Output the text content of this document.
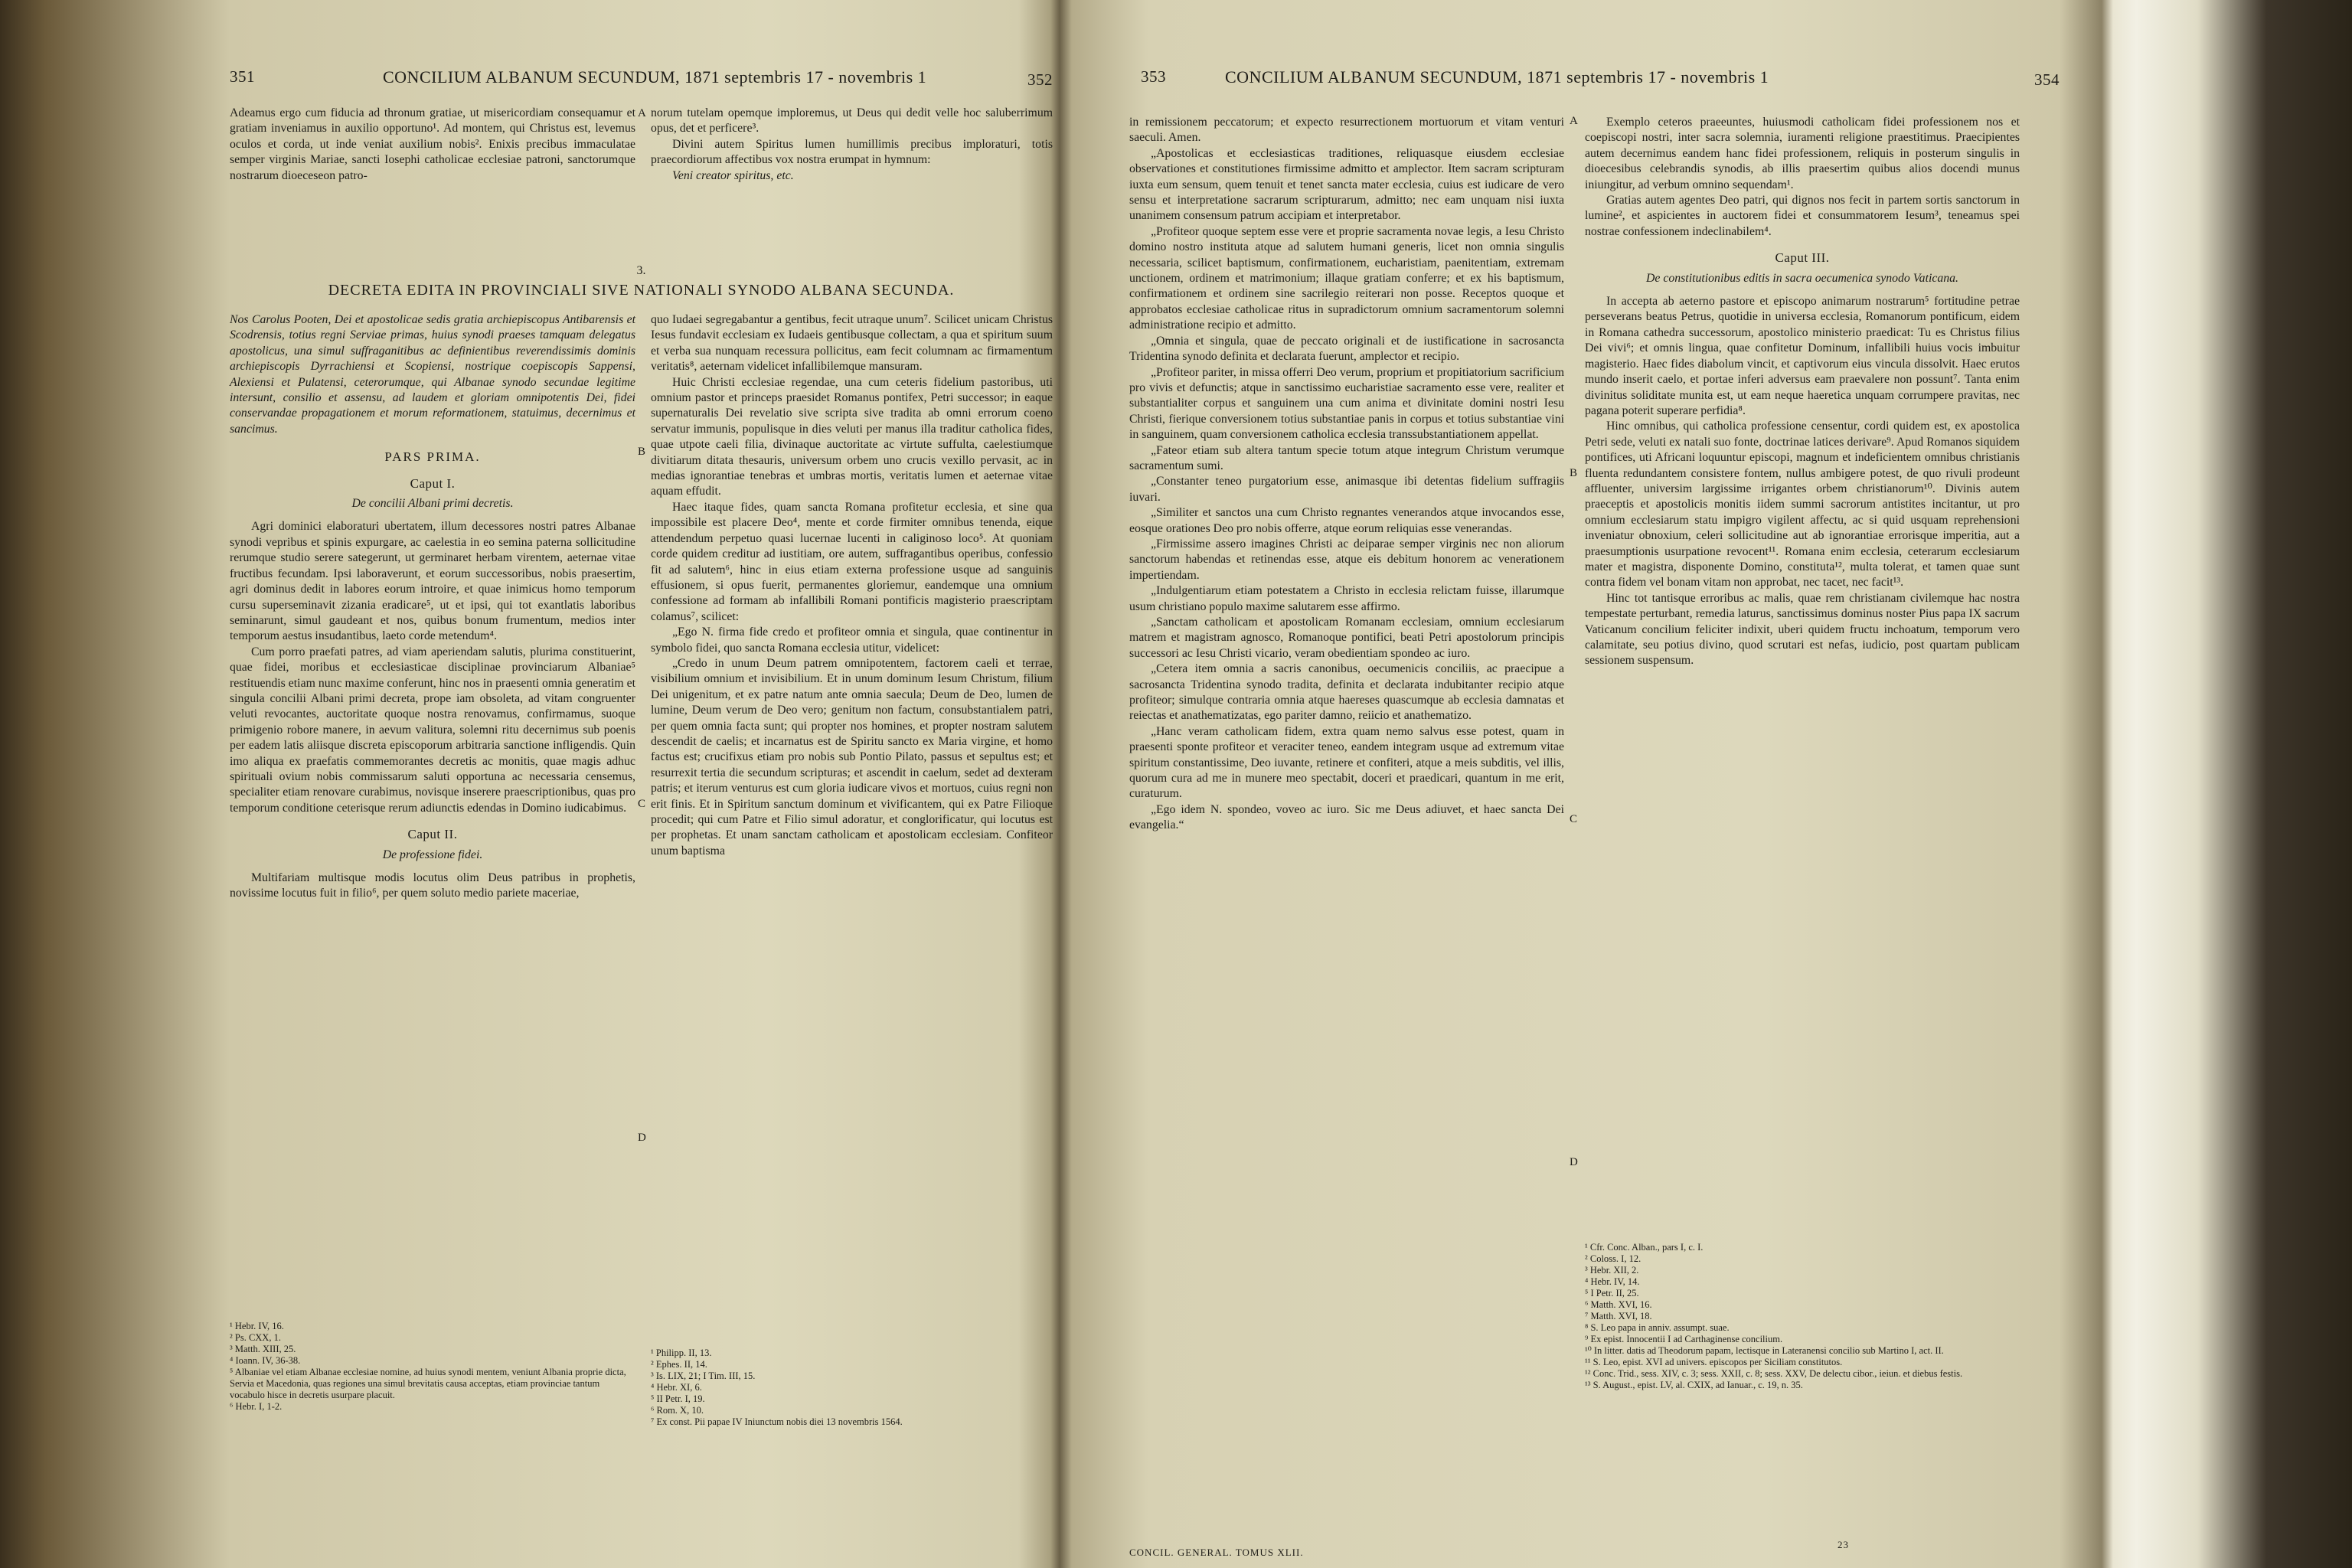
351	CONCILIUM ALBANUM SECUNDUM, 1871 septembris 17 - novembris 1	352

Adeamus ergo cum fiducia ad thronum gratiae, ut misericordiam consequamur et gratiam inveniamus in auxilio opportuno¹. Ad montem, qui Christus est, levemus oculos et corda, ut inde veniat auxilium nobis². Enixis precibus immaculatae semper virginis Mariae, sancti Iosephi catholicae ecclesiae patroni, sanctorumque nostrarum dioeceseon patro-

norum tutelam opemque imploremus, ut Deus qui dedit velle hoc saluberrimum opus, det et perficere³.

Divini autem Spiritus lumen humillimis precibus imploraturi, totis praecordiorum affectibus vox nostra erumpat in hymnum:

Veni creator spiritus, etc.

3.
DECRETA EDITA IN PROVINCIALI SIVE NATIONALI SYNODO ALBANA SECUNDA.

Nos Carolus Pooten, Dei et apostolicae sedis gratia archiepiscopus Antibarensis et Scodrensis, totius regni Serviae primas, huius synodi praeses tamquam delegatus apostolicus, una simul suffraganitibus ac definientibus reverendissimis dominis archiepiscopis Dyrrachiensi et Scopiensi, nostrique coepiscopis Sappensi, Alexiensi et Pulatensi, ceterorumque, qui Albanae synodo secundae legitime intersunt, consilio et assensu, ad laudem et gloriam omnipotentis Dei, fidei conservandae propagationem et morum reformationem, statuimus, decernimus et sancimus.

PARS PRIMA.
Caput I.
De concilii Albani primi decretis.

Agri dominici elaboraturi ubertatem, illum decessores nostri patres Albanae synodi vepribus et spinis expurgare, ac caelestia in eo semina paterna sollicitudine rerumque studio serere sategerunt, ut germinaret herbam virentem, aeternae vitae fructibus fecundam. Ipsi laboraverunt, et eorum successoribus, nobis praesertim, agri dominus dedit in labores eorum introire, et quae inimicus homo temporum cursu superseminavit zizania eradicare⁵, ut et ipsi, qui tot exantlatis laboribus seminarunt, simul gaudeant et nos, quibus bonum frumentum, medios inter temporum aestus insudantibus, laeto corde metendum⁴.

Cum porro praefati patres, ad viam aperiendam salutis, plurima constituerint, quae fidei, moribus et ecclesiasticae disciplinae provinciarum Albaniae⁵ restituendis etiam nunc maxime conferunt, hinc nos in praesenti omnia generatim et singula concilii Albani primi decreta, prope iam obsoleta, ad vitam congruenter veluti revocantes, auctoritate quoque nostra renovamus, confirmamus, suoque primigenio robore manere, in aevum valitura, solemni ritu decernimus sub poenis per eadem latis aliisque discreta episcoporum arbitraria sanctione infligendis. Quin imo aliqua ex praefatis commemorantes decretis ac monitis, quae magis adhuc spirituali ovium nobis commissarum saluti opportuna ac necessaria censemus, specialiter etiam renovare curabimus, novisque inserere praescriptionibus, quas pro temporum conditione ceterisque rerum adiunctis edendas in Domino iudicabimus.

Caput II.
De professione fidei.

Multifariam multisque modis locutus olim Deus patribus in prophetis, novissime locutus fuit in filio⁶, per quem soluto medio pariete maceriae,

quo Iudaei segregabantur a gentibus, fecit utraque unum⁷. Scilicet unicam Christus Iesus fundavit ecclesiam ex Iudaeis gentibusque collectam, a qua et spiritum suum et verba sua nunquam recessura pollicitus, eam fecit columnam ac firmamentum veritatis⁸, aeternam videlicet infallibilemque mansuram.

Huic Christi ecclesiae regendae, una cum ceteris fidelium pastoribus, uti omnium pastor et princeps praesidet Romanus pontifex, Petri successor; in eaque supernaturalis Dei revelatio sive scripta sive tradita ab omni errorum coeno servatur immunis, populisque in dies veluti per manus illa traditur catholica fides, quae utpote caeli filia, divinaque auctoritate ac virtute suffulta, caelestiumque divitiarum ditata thesauris, universum orbem uno crucis vexillo pervasit, ac in medias ignorantiae tenebras et umbras mortis, veritatis lumen et aeternae vitae aquam effudit.

Haec itaque fides, quam sancta Romana profitetur ecclesia, et sine qua impossibile est placere Deo⁴, mente et corde firmiter omnibus tenenda, eique attendendum perpetuo quasi lucernae lucenti in caliginoso loco⁵. At quoniam corde quidem creditur ad iustitiam, ore autem, suffragantibus operibus, confessio fit ad salutem⁶, hinc in eius etiam externa professione usque ad sanguinis effusionem, si opus fuerit, permanentes gloriemur, eandemque una omnium confessione ad formam ab infallibili Romani pontificis magisterio praescriptam colamus⁷, scilicet:

„Ego N. firma fide credo et profiteor omnia et singula, quae continentur in symbolo fidei, quo sancta Romana ecclesia utitur, videlicet:

„Credo in unum Deum patrem omnipotentem, factorem caeli et terrae, visibilium omnium et invisibilium. Et in unum dominum Iesum Christum, filium Dei unigenitum, et ex patre natum ante omnia saecula; Deum de Deo, lumen de lumine, Deum verum de Deo vero; genitum non factum, consubstantialem patri, per quem omnia facta sunt; qui propter nos homines, et propter nostram salutem descendit de caelis; et incarnatus est de Spiritu sancto ex Maria virgine, et homo factus est; crucifixus etiam pro nobis sub Pontio Pilato, passus et sepultus est; et resurrexit tertia die secundum scripturas; et ascendit in caelum, sedet ad dexteram patris; et iterum venturus est cum gloria iudicare vivos et mortuos, cuius regni non erit finis. Et in Spiritum sanctum dominum et vivificantem, qui ex Patre Filioque procedit; qui cum Patre et Filio simul adoratur, et conglorificatur, qui locutus est per prophetas. Et unam sanctam catholicam et apostolicam ecclesiam. Confiteor unum baptisma

¹ Hebr. IV, 16.
² Ps. CXX, 1.
³ Matth. XIII, 25.
⁴ Ioann. IV, 36-38.
⁵ Albaniae vel etiam Albanae ecclesiae nomine, ad huius synodi mentem, veniunt Albania proprie dicta, Servia et Macedonia, quas regiones una simul brevitatis causa acceptas, etiam provinciae tantum vocabulo hisce in decretis usurpare placuit.
⁶ Hebr. I, 1-2.
¹ Philipp. II, 13.
² Ephes. II, 14.
³ Is. LIX, 21; I Tim. III, 15.
⁴ Hebr. XI, 6.
⁵ II Petr. I, 19.
⁶ Rom. X, 10.
⁷ Ex const. Pii papae IV Iniunctum nobis diei 13 novembris 1564.
A
B
C
D
353	CONCILIUM ALBANUM SECUNDUM, 1871 septembris 17 - novembris 1	354

in remissionem peccatorum; et expecto resurrectionem mortuorum et vitam venturi saeculi. Amen.

„Apostolicas et ecclesiasticas traditiones, reliquasque eiusdem ecclesiae observationes et constitutiones firmissime admitto et amplector. Item sacram scripturam iuxta eum sensum, quem tenuit et tenet sancta mater ecclesia, cuius est iudicare de vero sensu et interpretatione sacrarum scripturarum, admitto; nec eam unquam nisi iuxta unanimem consensum patrum accipiam et interpretabor.

„Profiteor quoque septem esse vere et proprie sacramenta novae legis, a Iesu Christo domino nostro instituta atque ad salutem humani generis, licet non omnia singulis necessaria, scilicet baptismum, confirmationem, eucharistiam, paenitentiam, extremam unctionem, ordinem et matrimonium; illaque gratiam conferre; et ex his baptismum, confirmationem et ordinem sine sacrilegio reiterari non posse. Receptos quoque et approbatos ecclesiae catholicae ritus in supradictorum omnium sacramentorum solemni administratione recipio et admitto.

„Omnia et singula, quae de peccato originali et de iustificatione in sacrosancta Tridentina synodo definita et declarata fuerunt, amplector et recipio.

„Profiteor pariter, in missa offerri Deo verum, proprium et propitiatorium sacrificium pro vivis et defunctis; atque in sanctissimo eucharistiae sacramento esse vere, realiter et substantialiter corpus et sanguinem una cum anima et divinitate domini nostri Iesu Christi, fierique conversionem totius substantiae panis in corpus et totius substantiae vini in sanguinem, quam conversionem catholica ecclesia transsubstantiationem appellat.

„Fateor etiam sub altera tantum specie totum atque integrum Christum verumque sacramentum sumi.

„Constanter teneo purgatorium esse, animasque ibi detentas fidelium suffragiis iuvari.

„Similiter et sanctos una cum Christo regnantes venerandos atque invocandos esse, eosque orationes Deo pro nobis offerre, atque eorum reliquias esse venerandas.

„Firmissime assero imagines Christi ac deiparae semper virginis nec non aliorum sanctorum habendas et retinendas esse, atque eis debitum honorem ac venerationem impertiendam.

„Indulgentiarum etiam potestatem a Christo in ecclesia relictam fuisse, illarumque usum christiano populo maxime salutarem esse affirmo.

„Sanctam catholicam et apostolicam Romanam ecclesiam, omnium ecclesiarum matrem et magistram agnosco, Romanoque pontifici, beati Petri apostolorum principis successori ac Iesu Christi vicario, veram obedientiam spondeo ac iuro.

„Cetera item omnia a sacris canonibus, oecumenicis conciliis, ac praecipue a sacrosancta Tridentina synodo tradita, definita et declarata indubitanter recipio atque profiteor; simulque contraria omnia atque haereses quascumque ab ecclesia damnatas et reiectas et anathematizatas, ego pariter damno, reiicio et anathematizo.

„Hanc veram catholicam fidem, extra quam nemo salvus esse potest, quam in praesenti sponte profiteor et veraciter teneo, eandem integram usque ad extremum vitae spiritum constantissime, Deo iuvante, retinere et confiteri, atque a meis subditis, vel illis, quorum cura ad me in munere meo spectabit, doceri et praedicari, quantum in me erit, curaturum.

„Ego idem N. spondeo, voveo ac iuro. Sic me Deus adiuvet, et haec sancta Dei evangelia.“

CONCIL. GENERAL. TOMUS XLII.
23

Exemplo ceteros praeeuntes, huiusmodi catholicam fidei professionem nos et coepiscopi nostri, inter sacra solemnia, iuramenti religione praestitimus. Praecipientes autem decernimus eandem hanc fidei professionem, reliquis in posterum singulis in dioecesibus celebrandis synodis, ab illis praesertim quibus alios docendi munus iniungitur, ad verbum omnino sequendam¹.

Gratias autem agentes Deo patri, qui dignos nos fecit in partem sortis sanctorum in lumine², et aspicientes in auctorem fidei et consummatorem Iesum³, teneamus spei nostrae confessionem indeclinabilem⁴.

Caput III.
De constitutionibus editis in sacra oecumenica synodo Vaticana.

In accepta ab aeterno pastore et episcopo animarum nostrarum⁵ fortitudine petrae perseverans beatus Petrus, quotidie in universa ecclesia, Romanorum pontificum, eidem in Romana cathedra successorum, apostolico ministerio praedicat: Tu es Christus filius Dei vivi⁶; et omnis lingua, quae confitetur Dominum, infallibili huius vocis imbuitur magisterio. Haec fides diabolum vincit, et captivorum eius vincula dissolvit. Haec erutos mundo inserit caelo, et portae inferi adversus eam praevalere non possunt⁷. Tanta enim divinitus soliditate munita est, ut eam neque haeretica unquam corrumpere pravitas, nec pagana poterit superare perfidia⁸.

Hinc omnibus, qui catholica professione censentur, cordi quidem est, ex apostolica Petri sede, veluti ex natali suo fonte, doctrinae latices derivare⁹. Apud Romanos siquidem pontifices, uti Africani loquuntur episcopi, magnum et indeficientem omnibus christianis fluenta redundantem consistere fontem, nullus ambigere potest, de quo rivuli prodeunt affluenter, universim largissime irrigantes orbem christianorum¹⁰. Divinis autem praeceptis et apostolicis monitis iidem summi sacrorum antistites incitantur, ut pro omnium ecclesiarum statu impigro vigilent affectu, ac si quid usquam reprehensioni inveniatur obnoxium, celeri sollicitudine aut ab ignorantiae errorisque imperitia, aut a praesumptionis usurpatione revocent¹¹. Romana enim ecclesia, ceterarum ecclesiarum mater et magistra, disponente Domino, constituta¹², multa tolerat, et tamen quae sunt contra fidem vel bonam vitam non approbat, nec tacet, nec facit¹³.

Hinc tot tantisque erroribus ac malis, quae rem christianam civilemque hac nostra tempestate perturbant, remedia laturus, sanctissimus dominus noster Pius papa IX sacrum Vaticanum concilium feliciter indixit, uberi quidem fructu inchoatum, temporum vero calamitate, seu potius divino, quod scrutari est nefas, iudicio, post quartam publicam sessionem suspensum.

¹ Cfr. Conc. Alban., pars I, c. I.
² Coloss. I, 12.
³ Hebr. XII, 2.
⁴ Hebr. IV, 14.
⁵ I Petr. II, 25.
⁶ Matth. XVI, 16.
⁷ Matth. XVI, 18.
⁸ S. Leo papa in anniv. assumpt. suae.
⁹ Ex epist. Innocentii I ad Carthaginense concilium.
¹⁰ In litter. datis ad Theodorum papam, lectisque in Lateranensi concilio sub Martino I, act. II.
¹¹ S. Leo, epist. XVI ad univers. episcopos per Siciliam constitutos.
¹² Conc. Trid., sess. XIV, c. 3; sess. XXII, c. 8; sess. XXV, De delectu cibor., ieiun. et diebus festis.
¹³ S. August., epist. LV, al. CXIX, ad Ianuar., c. 19, n. 35.
A
B
C
D
